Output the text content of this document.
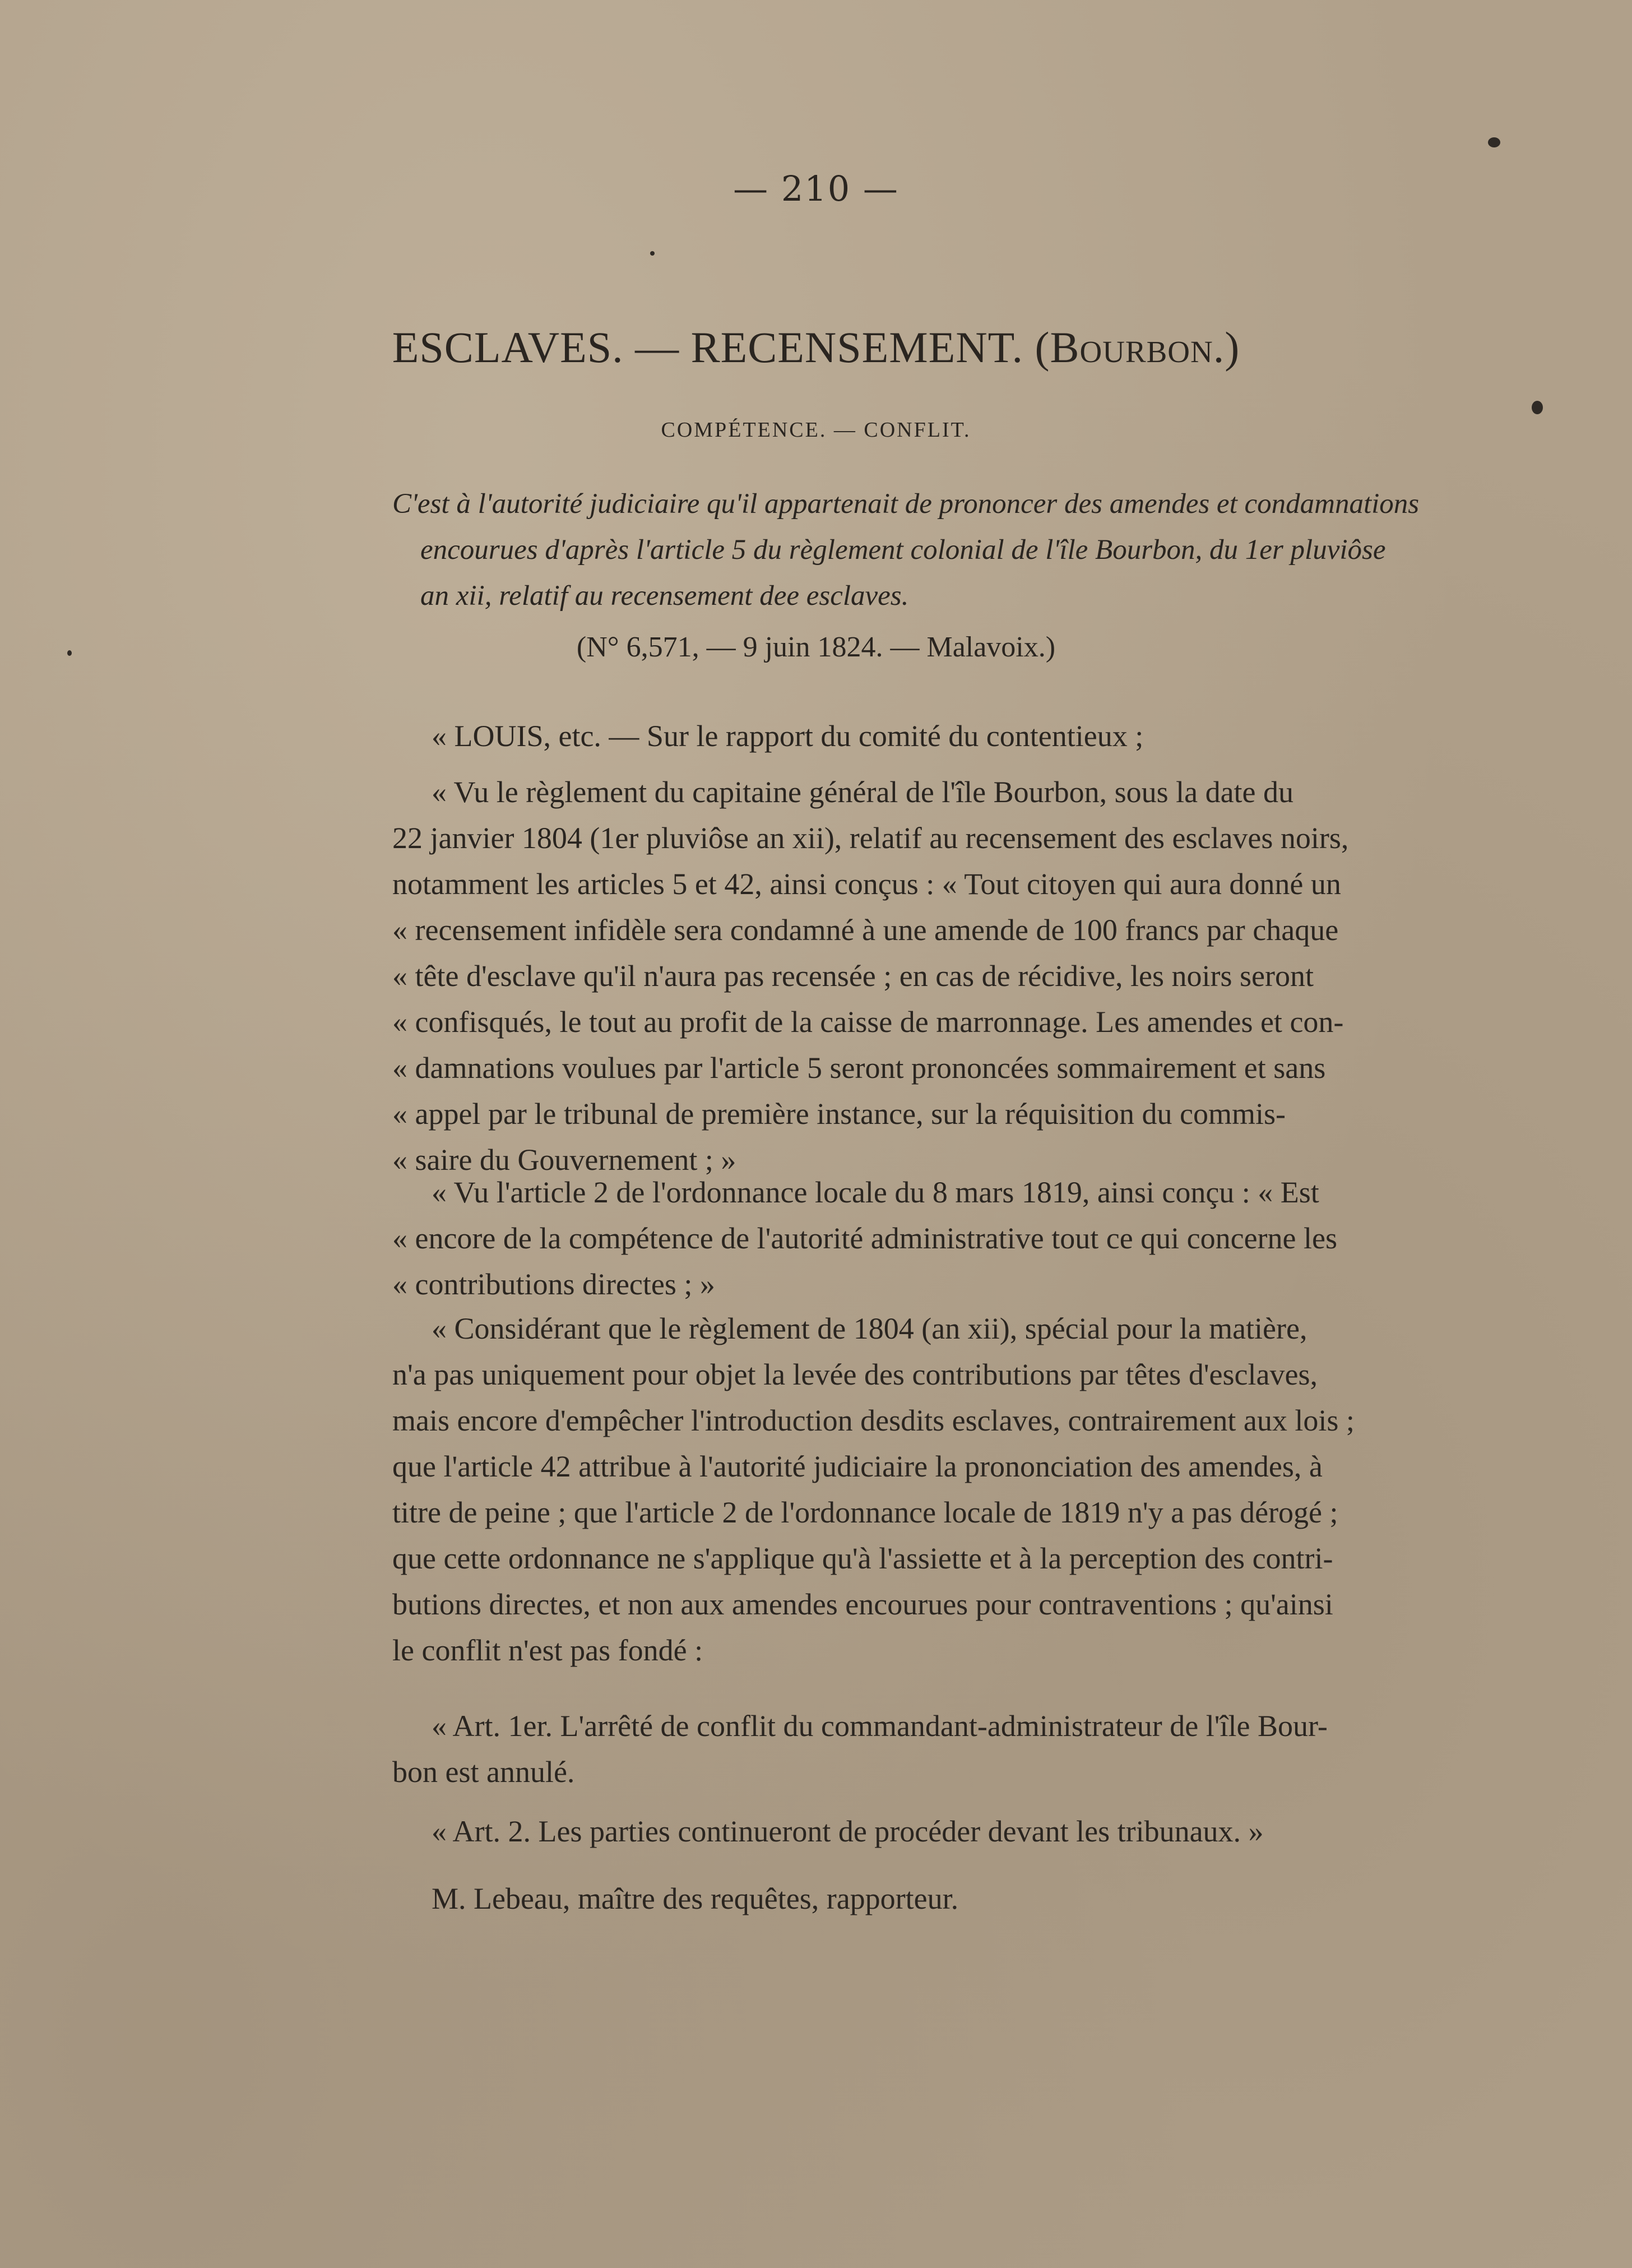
— 210 —
ESCLAVES. — RECENSEMENT. (Bourbon.)
COMPÉTENCE. — CONFLIT.
C'est à l'autorité judiciaire qu'il appartenait de prononcer des amendes et condamnations
encourues d'après l'article 5 du règlement colonial de l'île Bourbon, du 1er pluviôse
an xii, relatif au recensement dee esclaves.
(N° 6,571, — 9 juin 1824. — Malavoix.)
« LOUIS, etc. — Sur le rapport du comité du contentieux ;
« Vu le règlement du capitaine général de l'île Bourbon, sous la date du
22 janvier 1804 (1er pluviôse an xii), relatif au recensement des esclaves noirs,
notamment les articles 5 et 42, ainsi conçus : « Tout citoyen qui aura donné un
« recensement infidèle sera condamné à une amende de 100 francs par chaque
« tête d'esclave qu'il n'aura pas recensée ; en cas de récidive, les noirs seront
« confisqués, le tout au profit de la caisse de marronnage. Les amendes et con-
« damnations voulues par l'article 5 seront prononcées sommairement et sans
« appel par le tribunal de première instance, sur la réquisition du commis-
« saire du Gouvernement ; »
« Vu l'article 2 de l'ordonnance locale du 8 mars 1819, ainsi conçu : « Est
« encore de la compétence de l'autorité administrative tout ce qui concerne les
« contributions directes ; »
« Considérant que le règlement de 1804 (an xii), spécial pour la matière,
n'a pas uniquement pour objet la levée des contributions par têtes d'esclaves,
mais encore d'empêcher l'introduction desdits esclaves, contrairement aux lois ;
que l'article 42 attribue à l'autorité judiciaire la prononciation des amendes, à
titre de peine ; que l'article 2 de l'ordonnance locale de 1819 n'y a pas dérogé ;
que cette ordonnance ne s'applique qu'à l'assiette et à la perception des contri-
butions directes, et non aux amendes encourues pour contraventions ; qu'ainsi
le conflit n'est pas fondé :
« Art. 1er. L'arrêté de conflit du commandant-administrateur de l'île Bour-
bon est annulé.
« Art. 2. Les parties continueront de procéder devant les tribunaux. »
M. Lebeau, maître des requêtes, rapporteur.
